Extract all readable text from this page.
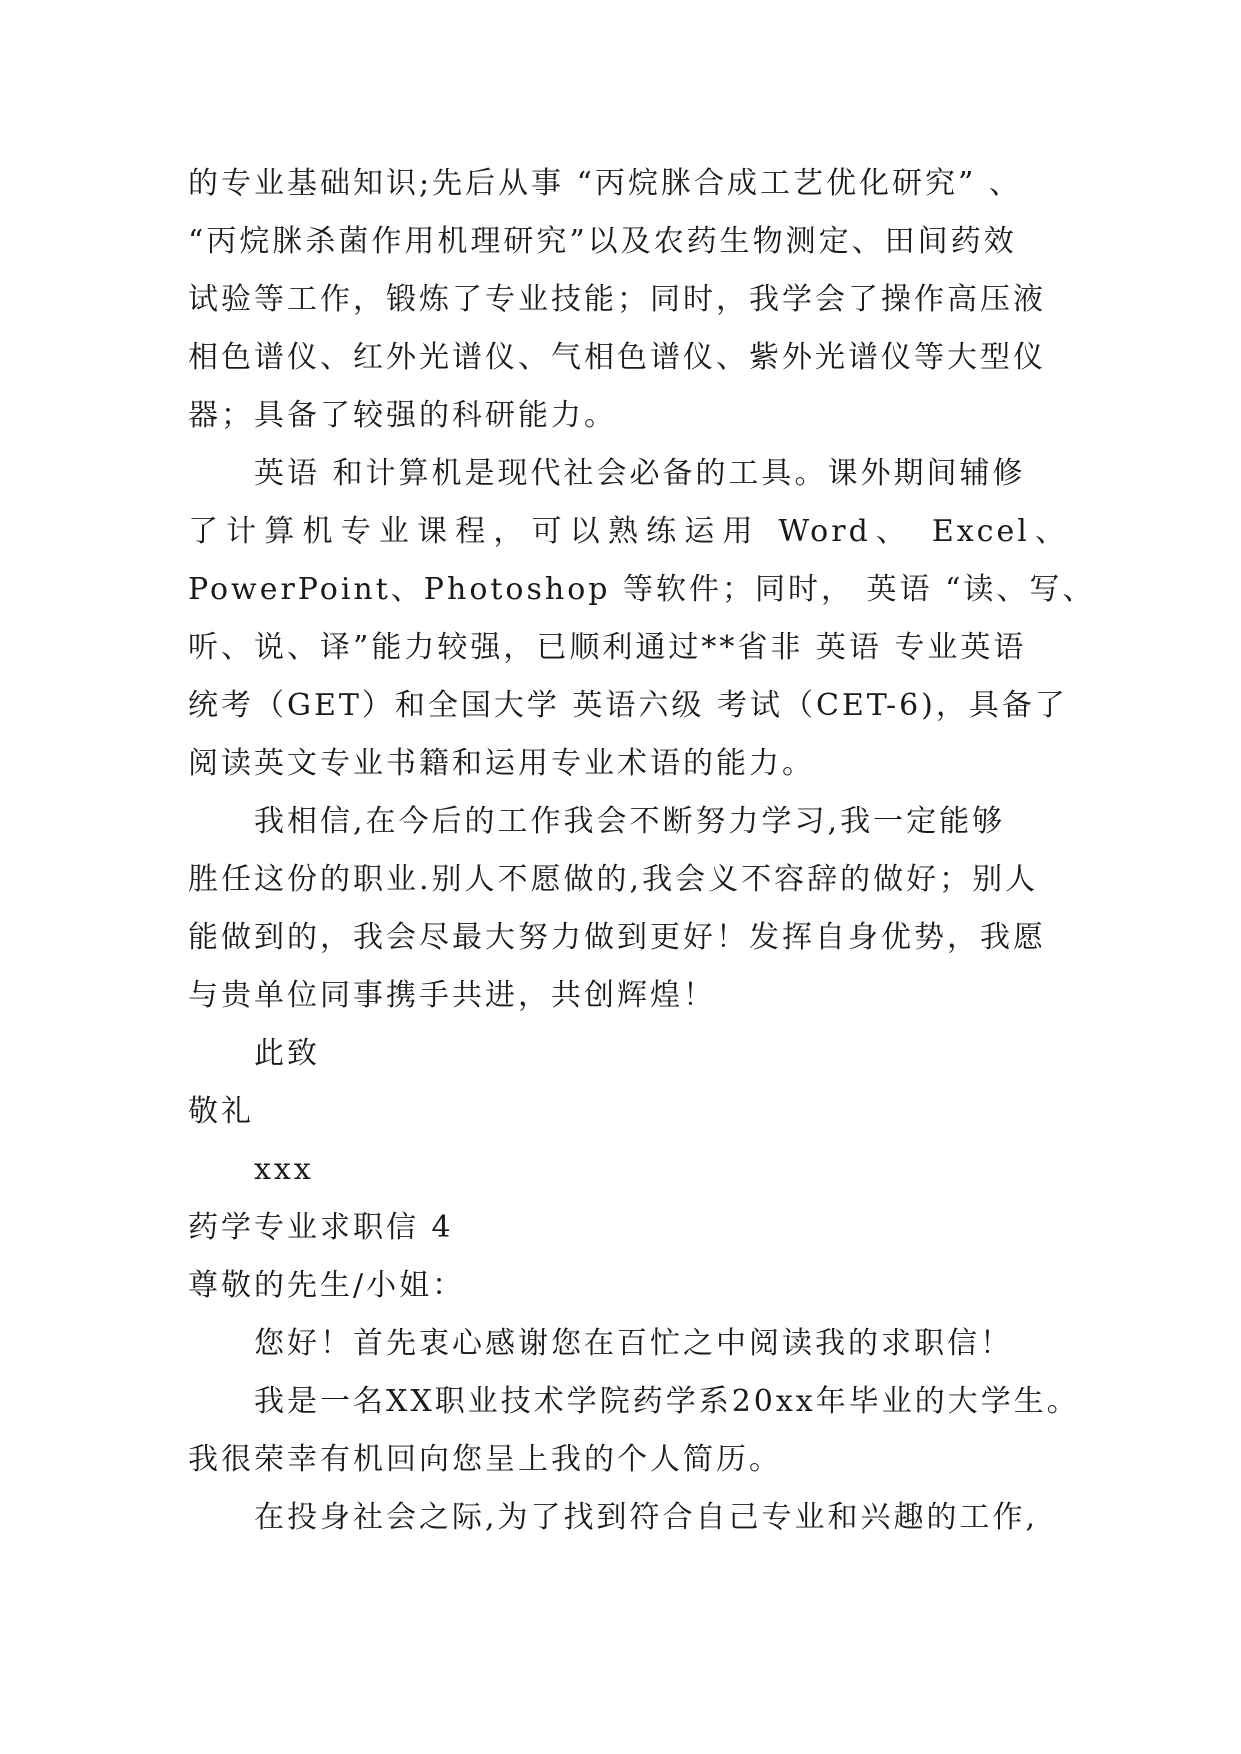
的专业基础知识;先后从事 “丙烷脒合成工艺优化研究” 、
“丙烷脒杀菌作用机理研究”以及农药生物测定、田间药效
试验等工作，锻炼了专业技能；同时，我学会了操作高压液
相色谱仪、红外光谱仪、气相色谱仪、紫外光谱仪等大型仪
器；具备了较强的科研能力。
英语 和计算机是现代社会必备的工具。课外期间辅修
了计算机专业课程，可以熟练运用 Word、 Excel、
PowerPoint、Photoshop 等软件；同时， 英语 “读、写、
听、说、译”能力较强，已顺利通过**省非 英语 专业英语
统考（GET）和全国大学 英语六级 考试（CET-6)，具备了
阅读英文专业书籍和运用专业术语的能力。
我相信,在今后的工作我会不断努力学习,我一定能够
胜任这份的职业.别人不愿做的,我会义不容辞的做好；别人
能做到的，我会尽最大努力做到更好！发挥自身优势，我愿
与贵单位同事携手共进，共创辉煌！
此致
敬礼
xxx
药学专业求职信 4
尊敬的先生/小姐：
您好！首先衷心感谢您在百忙之中阅读我的求职信！
我是一名XX职业技术学院药学系20xx年毕业的大学生。
我很荣幸有机回向您呈上我的个人简历。
在投身社会之际,为了找到符合自己专业和兴趣的工作,
